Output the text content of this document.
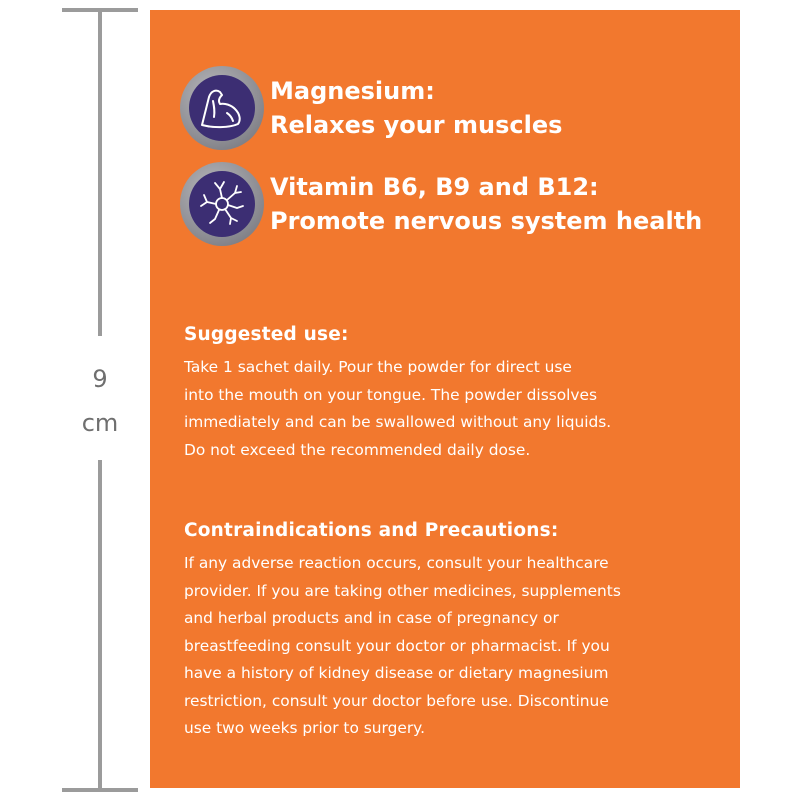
9
cm
Magnesium:
Relaxes your muscles
Vitamin B6, B9 and B12:
Promote nervous system health
Suggested use:

Take 1 sachet daily. Pour the powder for direct use
into the mouth on your tongue. The powder dissolves
immediately and can be swallowed without any liquids.
Do not exceed the recommended daily dose.

Contraindications and Precautions:

If any adverse reaction occurs, consult your healthcare
provider. If you are taking other medicines, supplements
and herbal products and in case of pregnancy or
breastfeeding consult your doctor or pharmacist. If you
have a history of kidney disease or dietary magnesium
restriction, consult your doctor before use. Discontinue
use two weeks prior to surgery.
